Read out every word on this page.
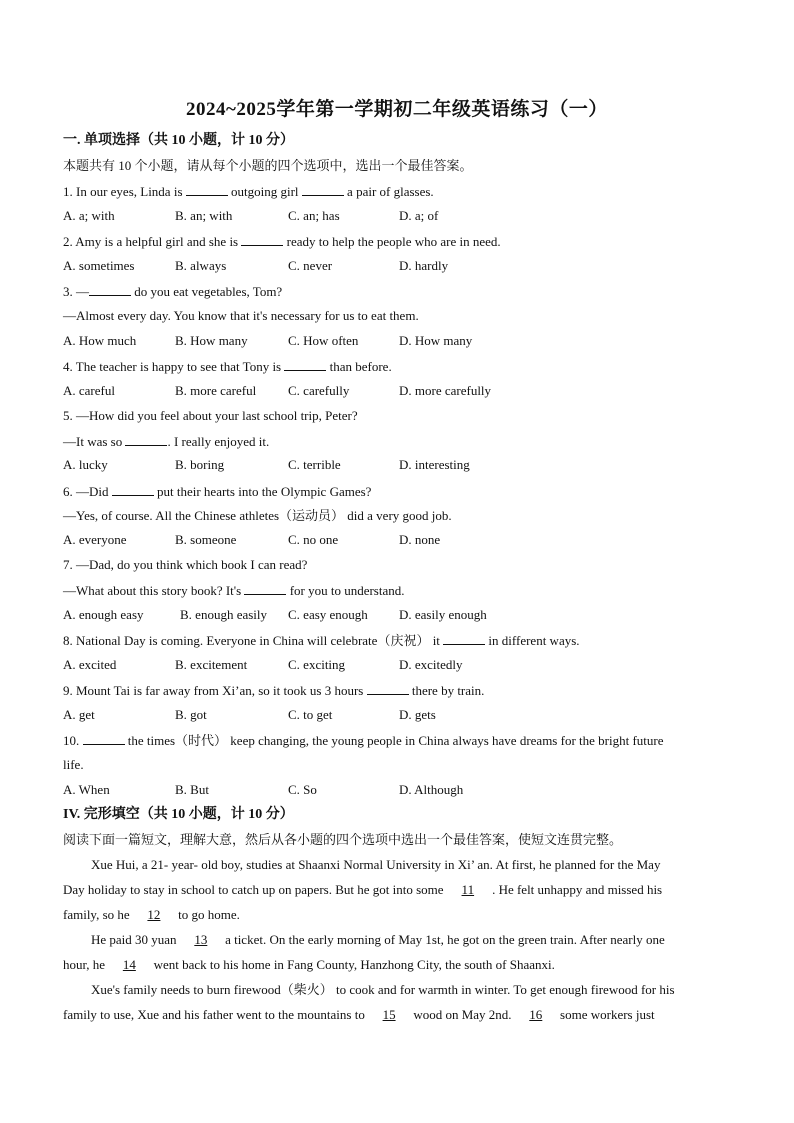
2024~2025学年第一学期初二年级英语练习（一）
一. 单项选择（共 10 小题，计 10 分）
本题共有 10 个小题，请从每个小题的四个选项中，选出一个最佳答案。
1. In our eyes, Linda is	outgoing girl	a pair of glasses.
A. a; with	B. an; with	C. an; has	D. a; of
2. Amy is a helpful girl and she is	ready to help the people who are in need.
A. sometimes	B. always	C. never	D. hardly
3. —	do you eat vegetables, Tom?
—Almost every day. You know that it's necessary for us to eat them.
A. How much	B. How many	C. How often	D. How many
4. The teacher is happy to see that Tony is	than before.
A. careful	B. more careful C. carefully	D. more carefully
5. —How did you feel about your last school trip, Peter?
—It was so	. I really enjoyed it.
A. lucky	B. boring	C. terrible	D. interesting
6. —Did	put their hearts into the Olympic Games?
—Yes, of course. All the Chinese athletes（运动员） did a very good job.
A. everyone	B. someone	C. no one	D. none
7. —Dad, do you think which book I can read?
—What about this story book? It's	for you to understand.
A. enough easy	B. enough easily C. easy enough D. easily enough
8. National Day is coming. Everyone in China will celebrate（庆祝） it	in different ways.
A. excited	B. excitement	C. exciting	D. excitedly
9. Mount Tai is far away from Xi’an, so it took us 3 hours	there by train.
A. get	B. got	C. to get	D. gets
10.	the times（时代） keep changing, the young people in China always have dreams for the bright future
life.
A. When	B. But	C. So	D. Although
IV. 完形填空（共 10 小题，计 10 分）
阅读下面一篇短文，理解大意，然后从各小题的四个选项中选出一个最佳答案，使短文连贯完整。
Xue Hui, a 21- year- old boy, studies at Shaanxi Normal University in Xi’ an. At first, he planned for the May
Day holiday to stay in school to catch up on papers. But he got into some 11 . He felt unhappy and missed his
family, so he 12 to go home.
He paid 30 yuan 13 a ticket. On the early morning of May 1st, he got on the green train. After nearly one
hour, he 14 went back to his home in Fang County, Hanzhong City, the south of Shaanxi.
Xue's family needs to burn firewood（柴火） to cook and for warmth in winter. To get enough firewood for his
family to use, Xue and his father went to the mountains to 15 wood on May 2nd. 16 some workers just
